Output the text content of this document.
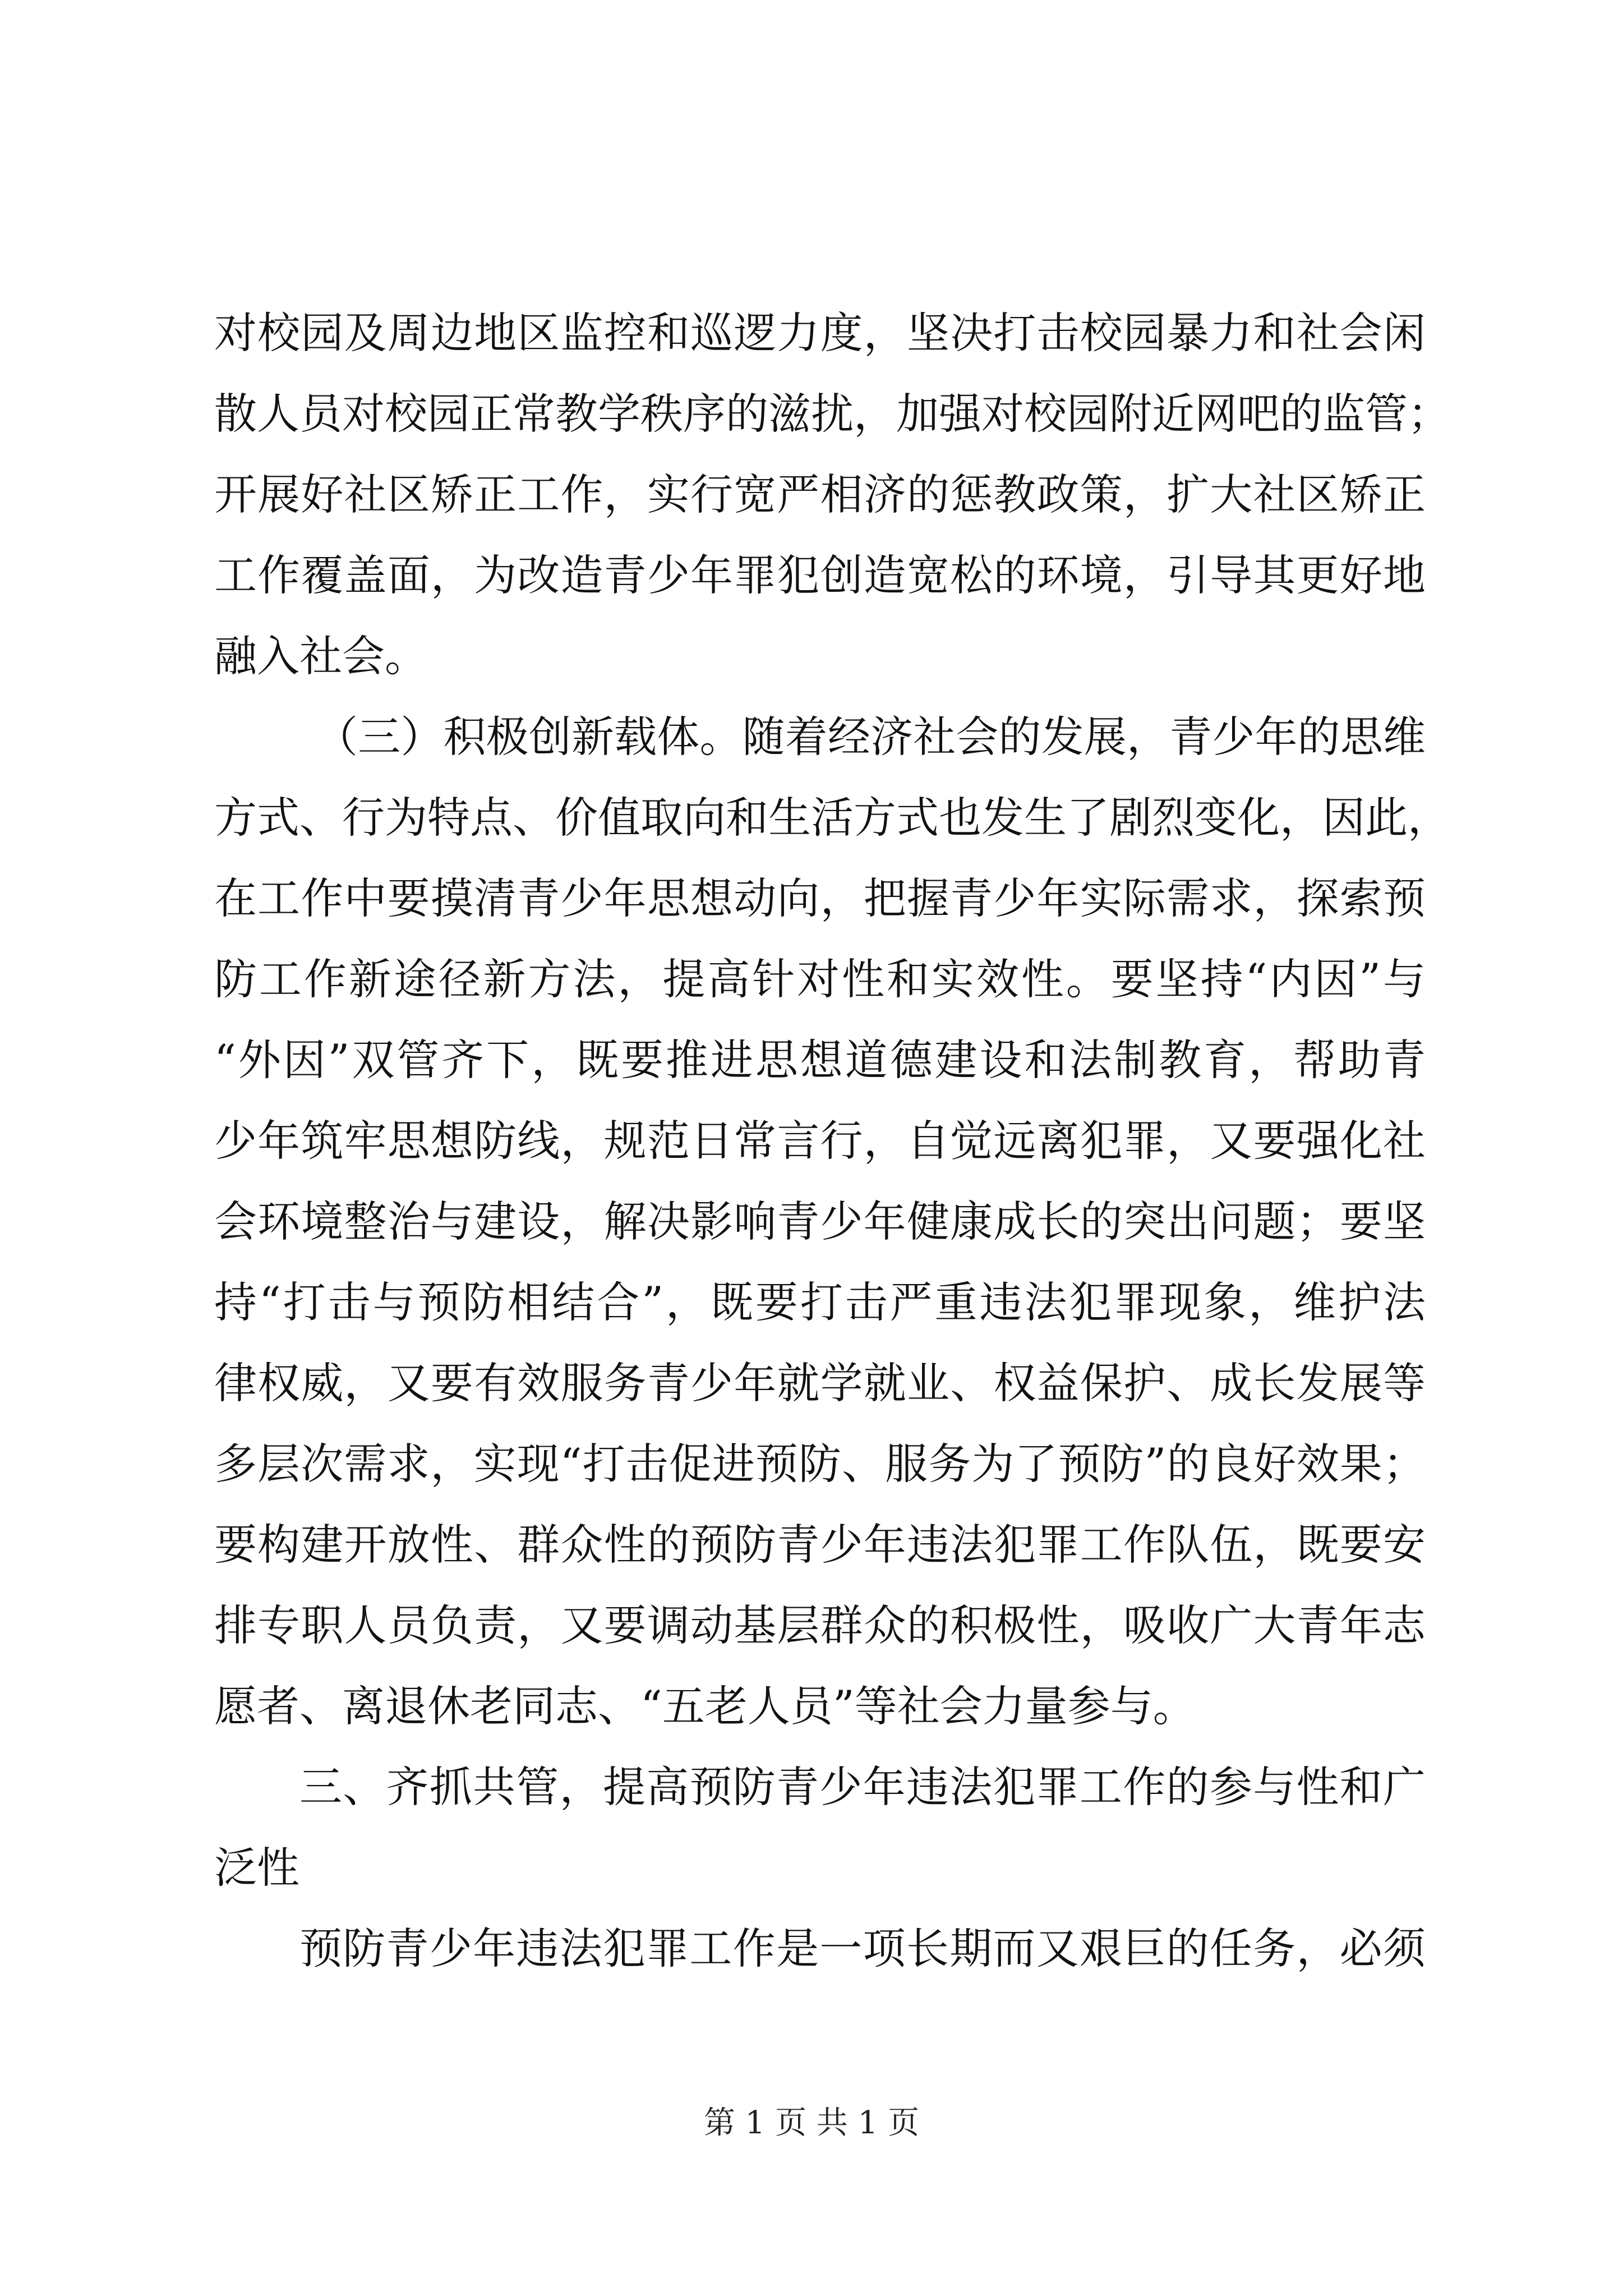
对校园及周边地区监控和巡逻力度，坚决打击校园暴力和社会闲
散人员对校园正常教学秩序的滋扰，加强对校园附近网吧的监管；
开展好社区矫正工作，实行宽严相济的惩教政策，扩大社区矫正
工作覆盖面，为改造青少年罪犯创造宽松的环境，引导其更好地
融入社会。
（三）积极创新载体。随着经济社会的发展，青少年的思维
方式、行为特点、价值取向和生活方式也发生了剧烈变化，因此，
在工作中要摸清青少年思想动向，把握青少年实际需求，探索预
防工作新途径新方法，提高针对性和实效性。要坚持“内因”与
“外因”双管齐下，既要推进思想道德建设和法制教育，帮助青
少年筑牢思想防线，规范日常言行，自觉远离犯罪，又要强化社
会环境整治与建设，解决影响青少年健康成长的突出问题；要坚
持“打击与预防相结合”，既要打击严重违法犯罪现象，维护法
律权威，又要有效服务青少年就学就业、权益保护、成长发展等
多层次需求，实现“打击促进预防、服务为了预防”的良好效果；
要构建开放性、群众性的预防青少年违法犯罪工作队伍，既要安
排专职人员负责，又要调动基层群众的积极性，吸收广大青年志
愿者、离退休老同志、“五老人员”等社会力量参与。
三、齐抓共管，提高预防青少年违法犯罪工作的参与性和广
泛性
预防青少年违法犯罪工作是一项长期而又艰巨的任务，必须
第 1 页 共 1 页
